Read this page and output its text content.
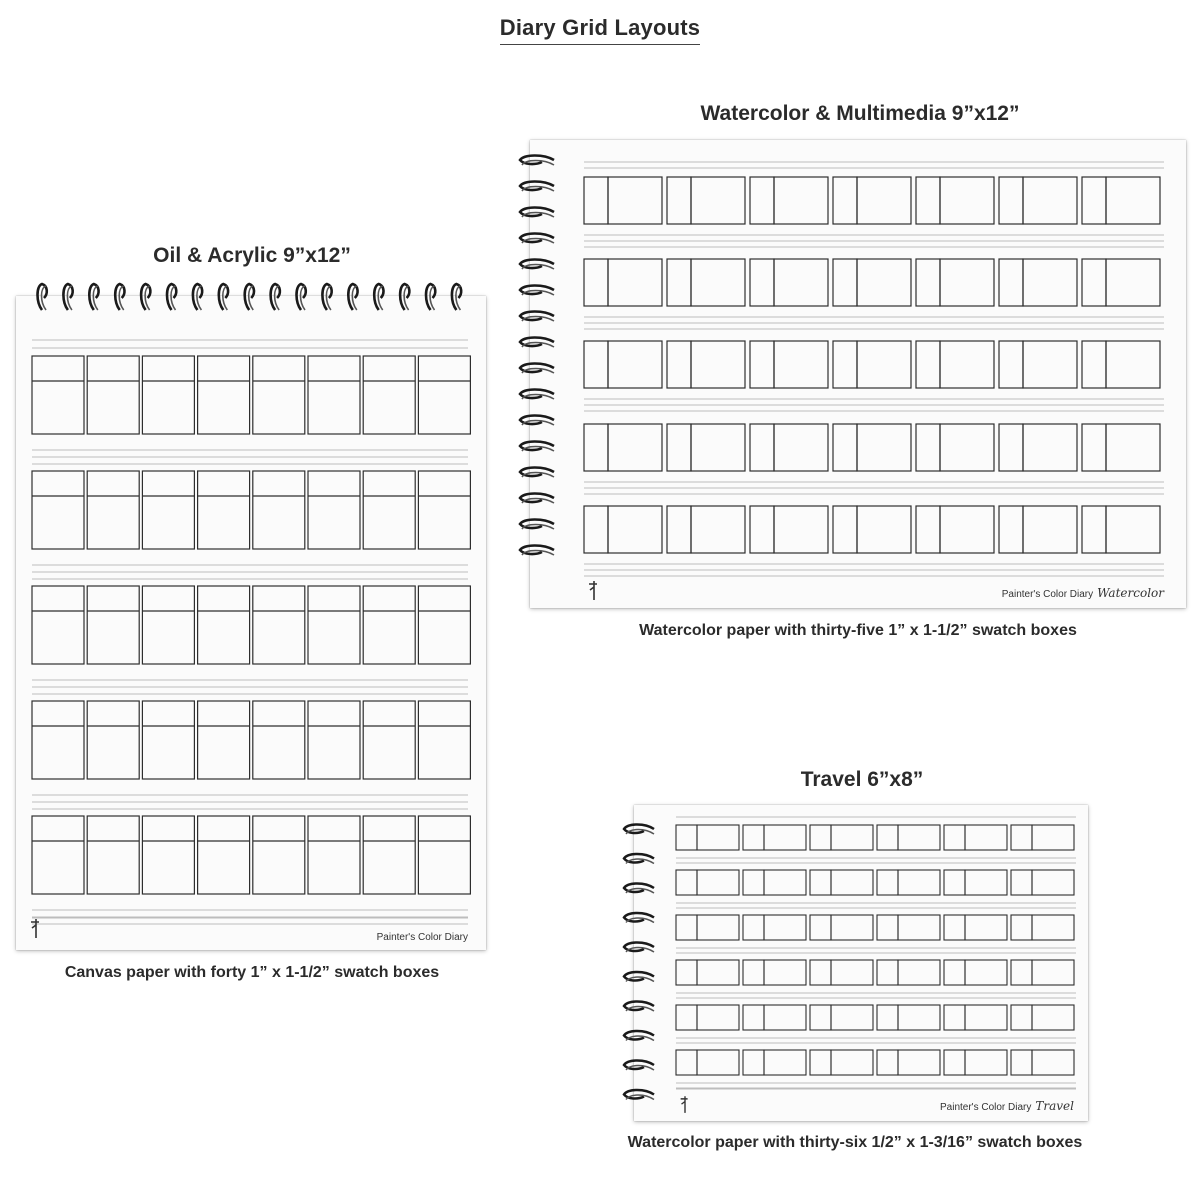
Diary Grid Layouts
Oil & Acrylic 9”x12”
Painter's Color Diary
Canvas paper with forty 1” x 1-1/2” swatch boxes
Watercolor & Multimedia 9”x12”
Painter's Color Diary Watercolor
Watercolor paper with thirty-five 1” x 1-1/2” swatch boxes
Travel 6”x8”
Painter's Color Diary Travel
Watercolor paper with thirty-six 1/2” x 1-3/16” swatch boxes
